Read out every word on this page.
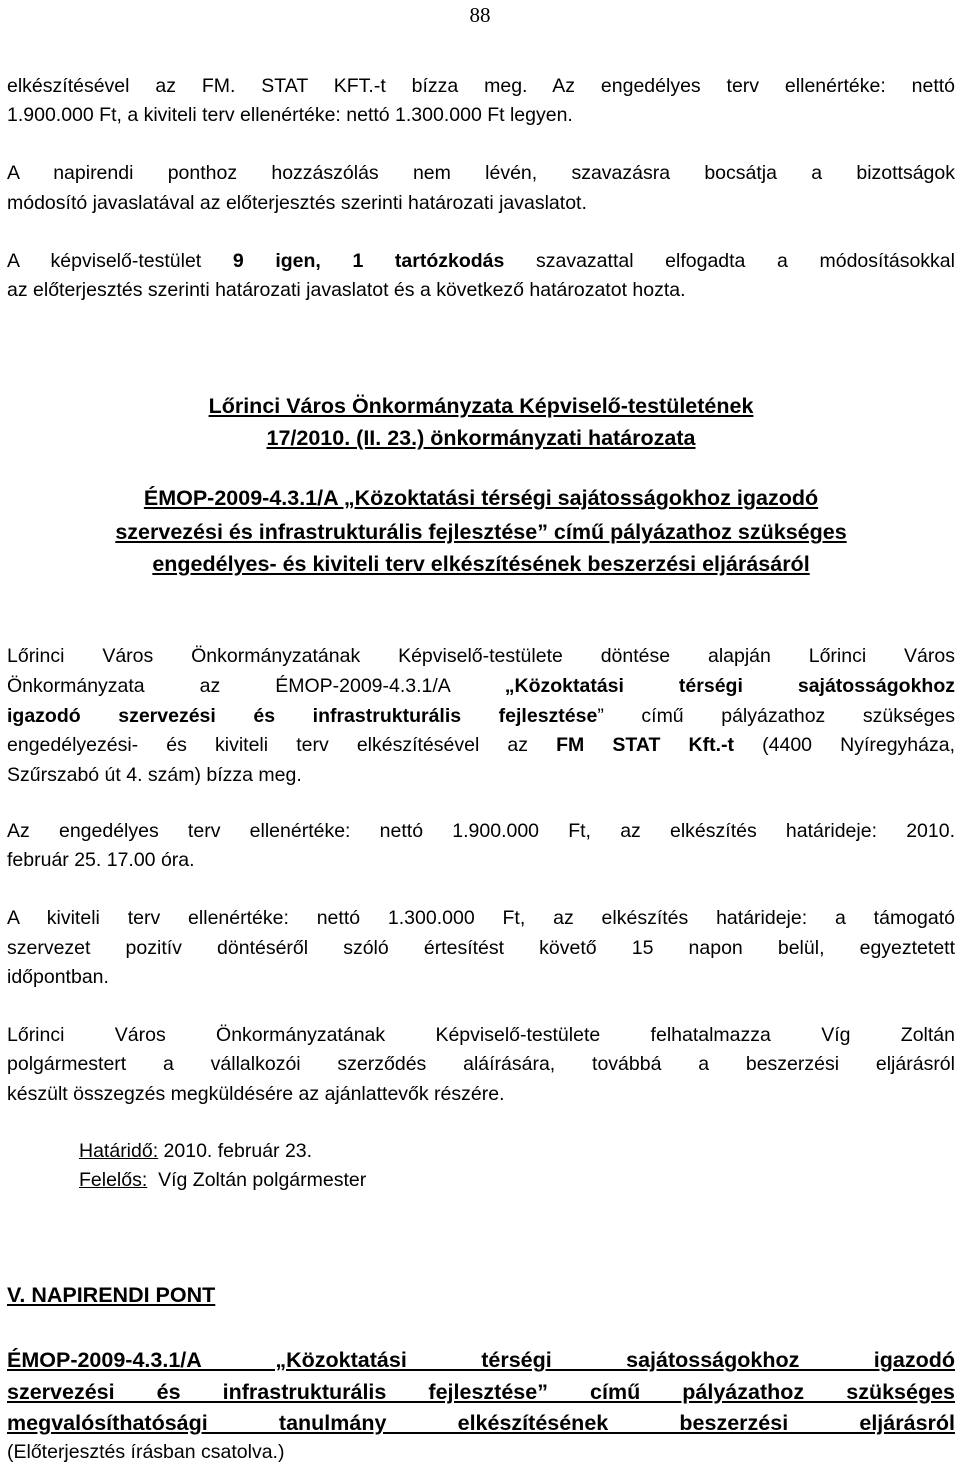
88
elkészítésével az FM. STAT KFT.-t bízza meg. Az engedélyes terv ellenértéke: nettó
1.900.000 Ft, a kiviteli terv ellenértéke: nettó 1.300.000 Ft legyen.
A napirendi ponthoz hozzászólás nem lévén, szavazásra bocsátja a bizottságok
módosító javaslatával az előterjesztés szerinti határozati javaslatot.
A képviselő-testület 9 igen, 1 tartózkodás szavazattal elfogadta a módosításokkal
az előterjesztés szerinti határozati javaslatot és a következő határozatot hozta.
Lőrinci Város Önkormányzata Képviselő-testületének
17/2010. (II. 23.) önkormányzati határozata
ÉMOP-2009-4.3.1/A „Közoktatási térségi sajátosságokhoz igazodó
szervezési és infrastrukturális fejlesztése” című pályázathoz szükséges
engedélyes- és kiviteli terv elkészítésének beszerzési eljárásáról
Lőrinci Város Önkormányzatának Képviselő-testülete döntése alapján Lőrinci Város
Önkormányzata az ÉMOP-2009-4.3.1/A „Közoktatási térségi sajátosságokhoz
igazodó szervezési és infrastrukturális fejlesztése” című pályázathoz szükséges
engedélyezési- és kiviteli terv elkészítésével az FM STAT Kft.-t (4400 Nyíregyháza,
Szűrszabó út 4. szám) bízza meg.
Az engedélyes terv ellenértéke: nettó 1.900.000 Ft, az elkészítés határideje: 2010.
február 25. 17.00 óra.
A kiviteli terv ellenértéke: nettó 1.300.000 Ft, az elkészítés határideje: a támogató
szervezet pozitív döntéséről szóló értesítést követő 15 napon belül, egyeztetett
időpontban.
Lőrinci Város Önkormányzatának Képviselő-testülete felhatalmazza Víg Zoltán
polgármestert a vállalkozói szerződés aláírására, továbbá a beszerzési eljárásról
készült összegzés megküldésére az ajánlattevők részére.
Határidő: 2010. február 23.
Felelős:  Víg Zoltán polgármester
V. NAPIRENDI PONT
ÉMOP-2009-4.3.1/A „Közoktatási térségi sajátosságokhoz igazodó
szervezési és infrastrukturális fejlesztése” című pályázathoz szükséges
megvalósíthatósági tanulmány elkészítésének beszerzési eljárásról
(Előterjesztés írásban csatolva.)
